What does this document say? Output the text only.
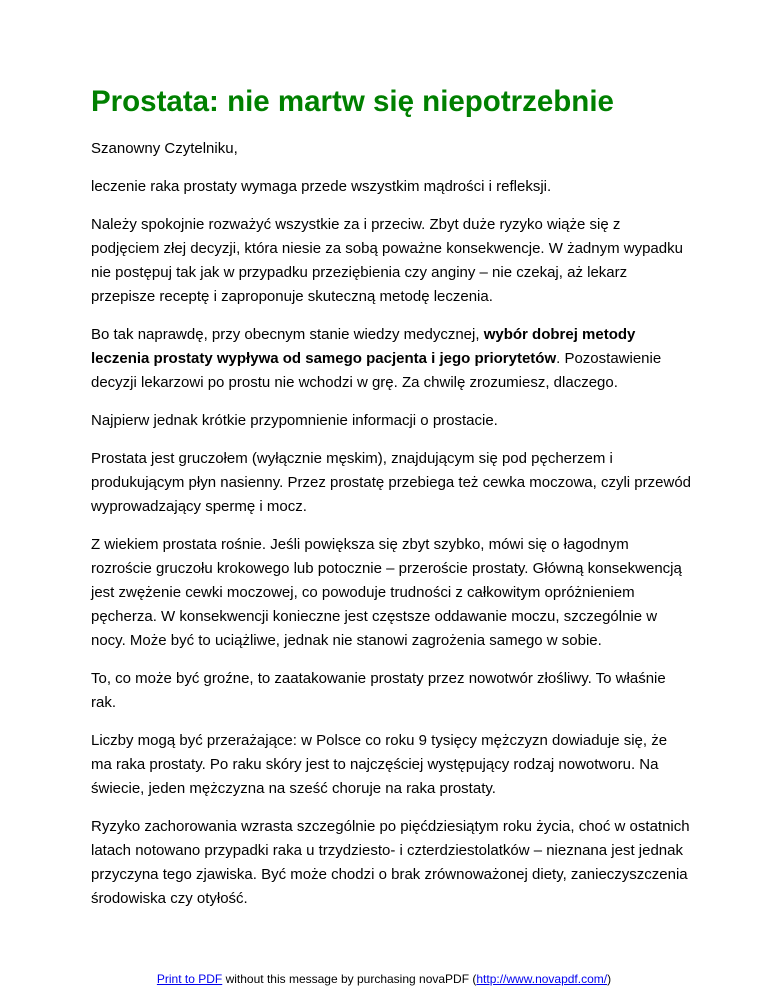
Prostata: nie martw się niepotrzebnie

Szanowny Czytelniku,

leczenie raka prostaty wymaga przede wszystkim mądrości i refleksji.

Należy spokojnie rozważyć wszystkie za i przeciw. Zbyt duże ryzyko wiąże się z podjęciem złej decyzji, która niesie za sobą poważne konsekwencje. W żadnym wypadku nie postępuj tak jak w przypadku przeziębienia czy anginy – nie czekaj, aż lekarz przepisze receptę i zaproponuje skuteczną metodę leczenia.

Bo tak naprawdę, przy obecnym stanie wiedzy medycznej, wybór dobrej metody leczenia prostaty wypływa od samego pacjenta i jego priorytetów. Pozostawienie decyzji lekarzowi po prostu nie wchodzi w grę. Za chwilę zrozumiesz, dlaczego.

Najpierw jednak krótkie przypomnienie informacji o prostacie.

Prostata jest gruczołem (wyłącznie męskim), znajdującym się pod pęcherzem i produkującym płyn nasienny. Przez prostatę przebiega też cewka moczowa, czyli przewód wyprowadzający spermę i mocz.

Z wiekiem prostata rośnie. Jeśli powiększa się zbyt szybko, mówi się o łagodnym rozroście gruczołu krokowego lub potocznie – przeroście prostaty. Główną konsekwencją jest zwężenie cewki moczowej, co powoduje trudności z całkowitym opróżnieniem pęcherza. W konsekwencji konieczne jest częstsze oddawanie moczu, szczególnie w nocy. Może być to uciążliwe, jednak nie stanowi zagrożenia samego w sobie.

To, co może być groźne, to zaatakowanie prostaty przez nowotwór złośliwy. To właśnie rak.

Liczby mogą być przerażające: w Polsce co roku 9 tysięcy mężczyzn dowiaduje się, że ma raka prostaty. Po raku skóry jest to najczęściej występujący rodzaj nowotworu. Na świecie, jeden mężczyzna na sześć choruje na raka prostaty.

Ryzyko zachorowania wzrasta szczególnie po pięćdziesiątym roku życia, choć w ostatnich latach notowano przypadki raka u trzydziesto- i czterdziestolatków – nieznana jest jednak przyczyna tego zjawiska. Być może chodzi o brak zrównoważonej diety, zanieczyszczenia środowiska czy otyłość.

Print to PDF without this message by purchasing novaPDF (http://www.novapdf.com/)
